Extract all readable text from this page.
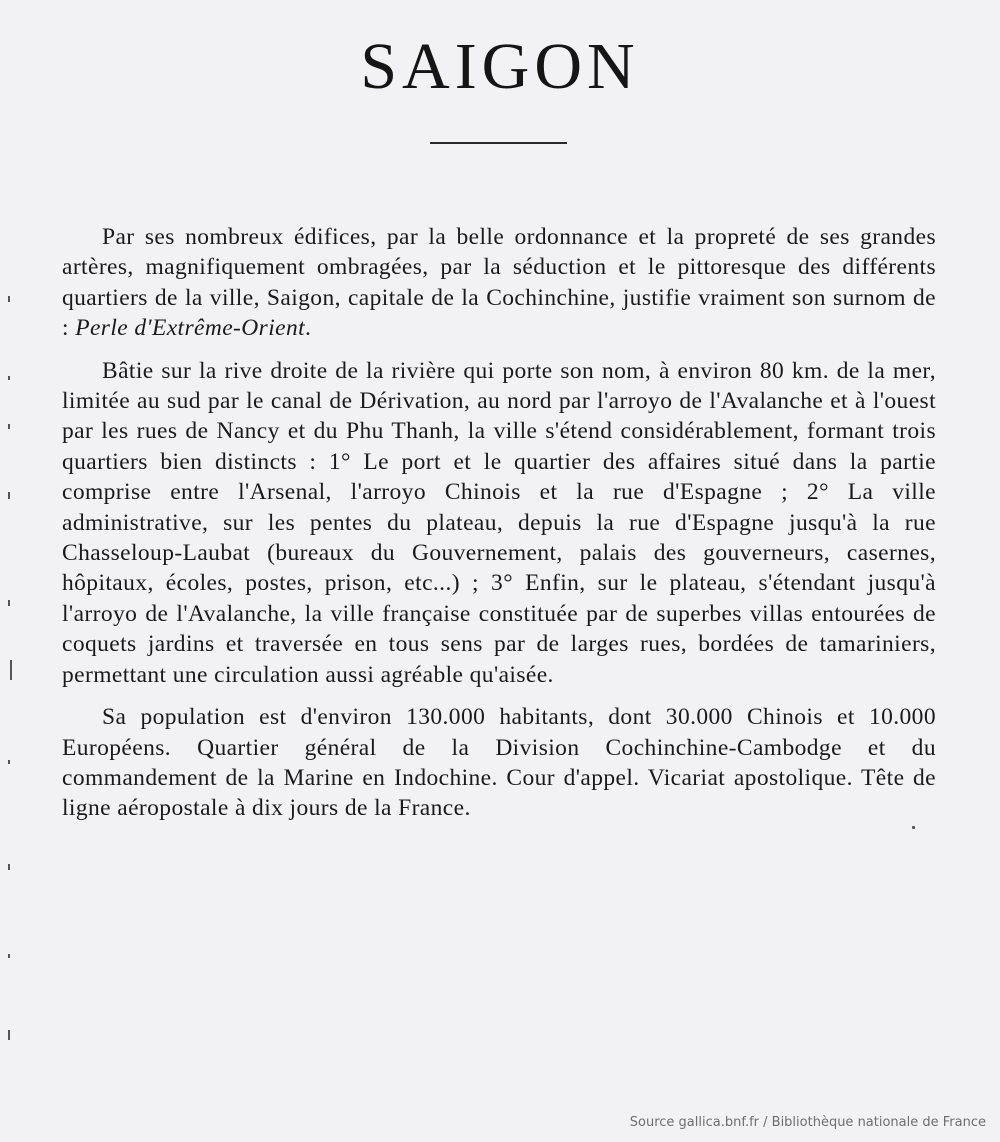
SAIGON

Par ses nombreux édifices, par la belle ordonnance et la propreté de ses grandes artères, magnifiquement ombragées, par la séduction et le pittoresque des différents quartiers de la ville, Saigon, capitale de la Cochinchine, justifie vraiment son surnom de : Perle d'Extrême-Orient.

Bâtie sur la rive droite de la rivière qui porte son nom, à environ 80 km. de la mer, limitée au sud par le canal de Dérivation, au nord par l'arroyo de l'Avalanche et à l'ouest par les rues de Nancy et du Phu Thanh, la ville s'étend considérablement, formant trois quartiers bien distincts : 1° Le port et le quartier des affaires situé dans la partie comprise entre l'Arsenal, l'arroyo Chinois et la rue d'Espagne ; 2° La ville administrative, sur les pentes du plateau, depuis la rue d'Espagne jusqu'à la rue Chasseloup-Laubat (bureaux du Gouvernement, palais des gouverneurs, casernes, hôpitaux, écoles, postes, prison, etc...) ; 3° Enfin, sur le plateau, s'étendant jusqu'à l'arroyo de l'Avalanche, la ville française constituée par de superbes villas entourées de coquets jardins et traversée en tous sens par de larges rues, bordées de tamariniers, permettant une circulation aussi agréable qu'aisée.

Sa population est d'environ 130.000 habitants, dont 30.000 Chinois et 10.000 Européens. Quartier général de la Division Cochinchine-Cambodge et du commandement de la Marine en Indochine. Cour d'appel. Vicariat apostolique. Tête de ligne aéropostale à dix jours de la France.

Source gallica.bnf.fr / Bibliothèque nationale de France
